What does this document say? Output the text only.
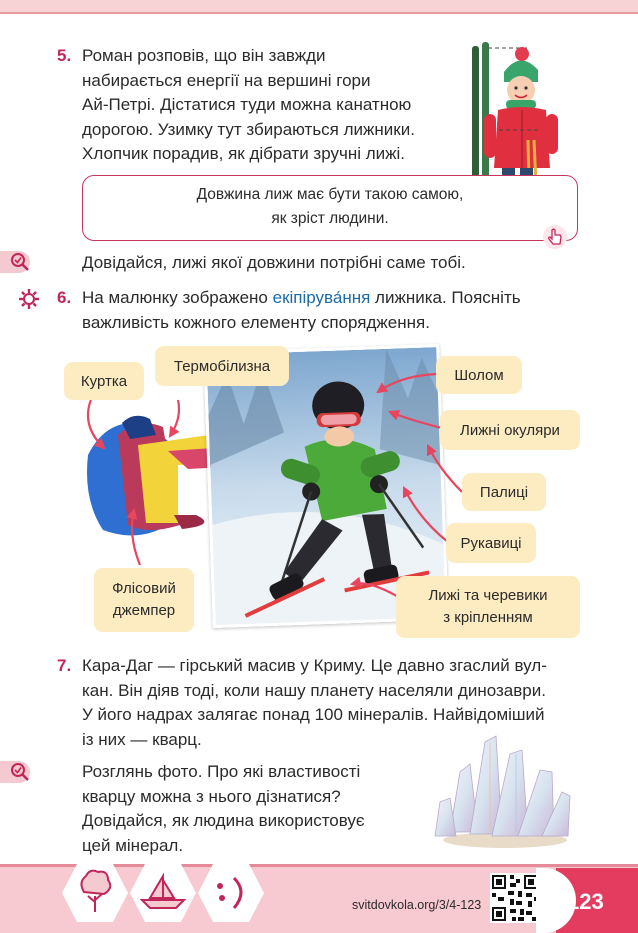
5. Роман розповів, що він завжди
набирається енергії на вершині гори
Ай-Петрі. Дістатися туди можна канатною
дорогою. Узимку тут збираються лижники.
Хлопчик порадив, як дібрати зручні лижі.

Довжина лиж має бути такою самою,

як зріст людини.

Довідайся, лижі якої довжини потрібні саме тобі.
6. На малюнку зображено екіпірува́ння лижника. Поясніть
важливість кожного елементу спорядження.
Куртка
Термобілизна
Флісовий
джемпер
Шолом
Лижні окуляри
Палиці
Рукавиці
Лижі та черевики
з кріпленням
7. Кара-Даг — гірський масив у Криму. Це давно згаслий вул-
кан. Він діяв тоді, коли нашу планету населяли динозаври.
У його надрах залягає понад 100 мінералів. Найвідоміший
із них — кварц.
Розглянь фото. Про які властивості
кварцу можна з нього дізнатися?
Довідайся, як людина використовує
цей мінерал.
svitdovkola.org/3/4-123	123
